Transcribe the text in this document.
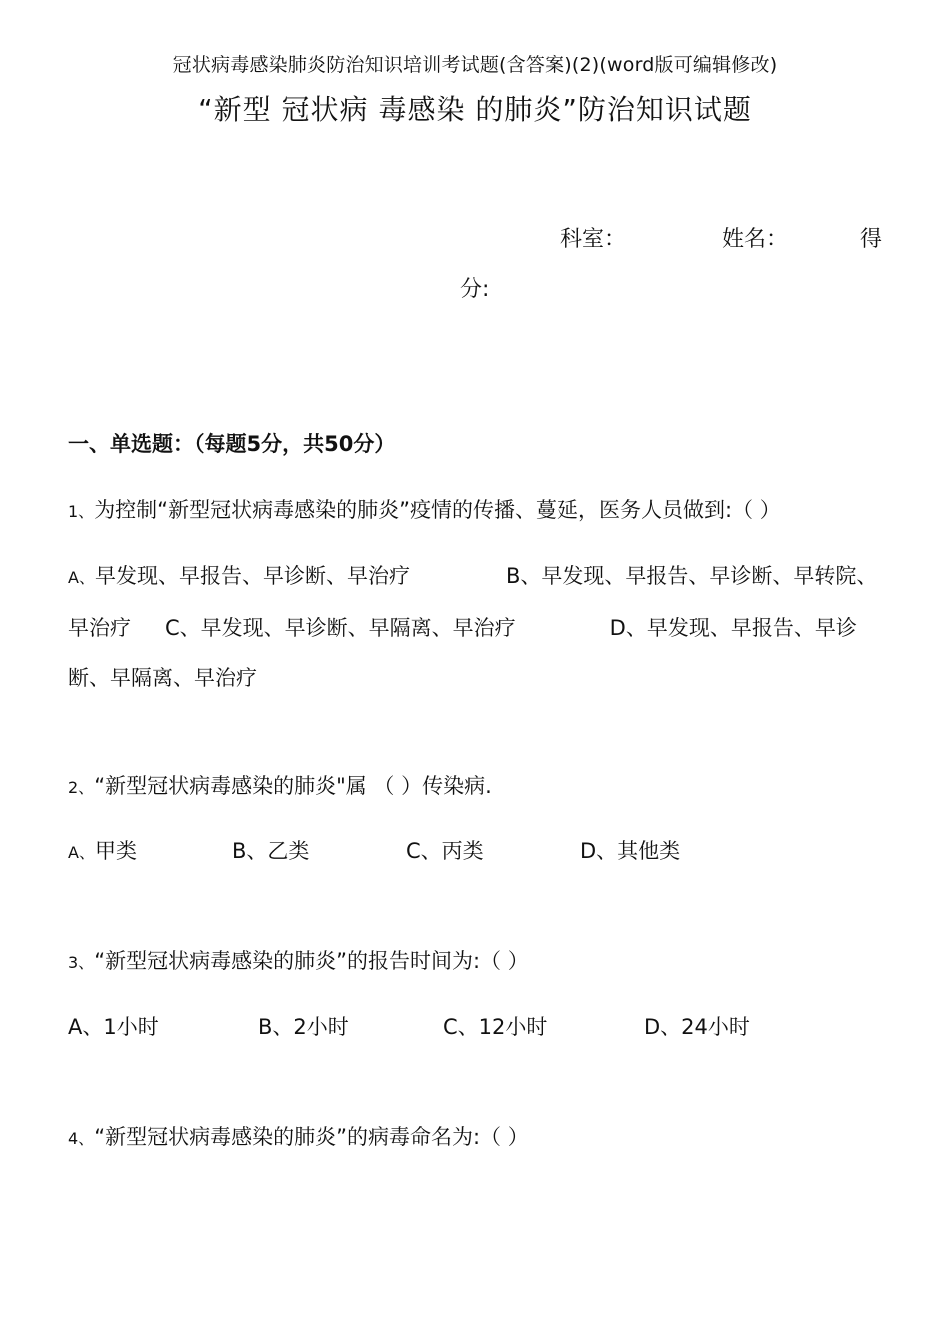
冠状病毒感染肺炎防治知识培训考试题(含答案)(2)(word版可编辑修改)
“新型 冠状病 毒感染 的肺炎”防治知识试题
科室：	姓名：	得
分:
一、单选题：（每题5分，共50分）
1、为控制“新型冠状病毒感染的肺炎”疫情的传播、蔓延，医务人员做到:（ ）
A、早发现、早报告、早诊断、早治疗	B、早发现、早报告、早诊断、早转院、早治疗 C、早发现、早诊断、早隔离、早治疗	D、早发现、早报告、早诊断、早隔离、早治疗
2、“新型冠状病毒感染的肺炎"属 （ ）传染病.
A、甲类	B、乙类	C、丙类	D、其他类
3、“新型冠状病毒感染的肺炎”的报告时间为:（ ）
A、1小时	B、2小时	C、12小时	D、24小时
4、“新型冠状病毒感染的肺炎”的病毒命名为:（ ）
